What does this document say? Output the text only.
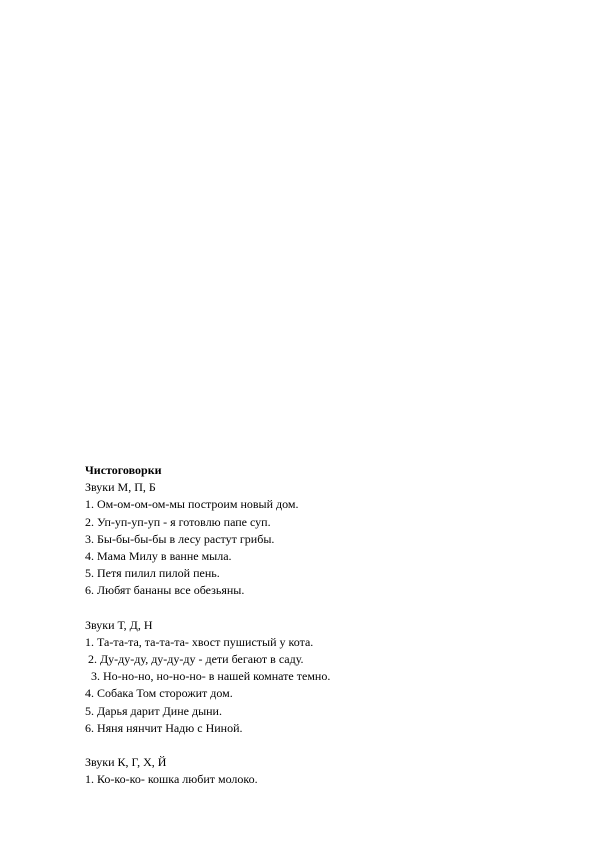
Чистоговорки
Звуки М, П, Б
1. Ом-ом-ом-ом-мы построим новый дом.
2. Уп-уп-уп-уп - я готовлю папе суп.
3. Бы-бы-бы-бы в лесу растут грибы.
4. Мама Милу в ванне мыла.
5. Петя пилил пилой пень.
6. Любят бананы все обезьяны.
Звуки Т, Д, Н
1. Та-та-та, та-та-та- хвост пушистый у кота.
2. Ду-ду-ду, ду-ду-ду - дети бегают в саду.
3. Но-но-но, но-но-но- в нашей комнате темно.
4. Собака Том сторожит дом.
5. Дарья дарит Дине дыни.
6. Няня нянчит Надю с Ниной.
Звуки К, Г, Х, Й
1. Ко-ко-ко- кошка любит молоко.
